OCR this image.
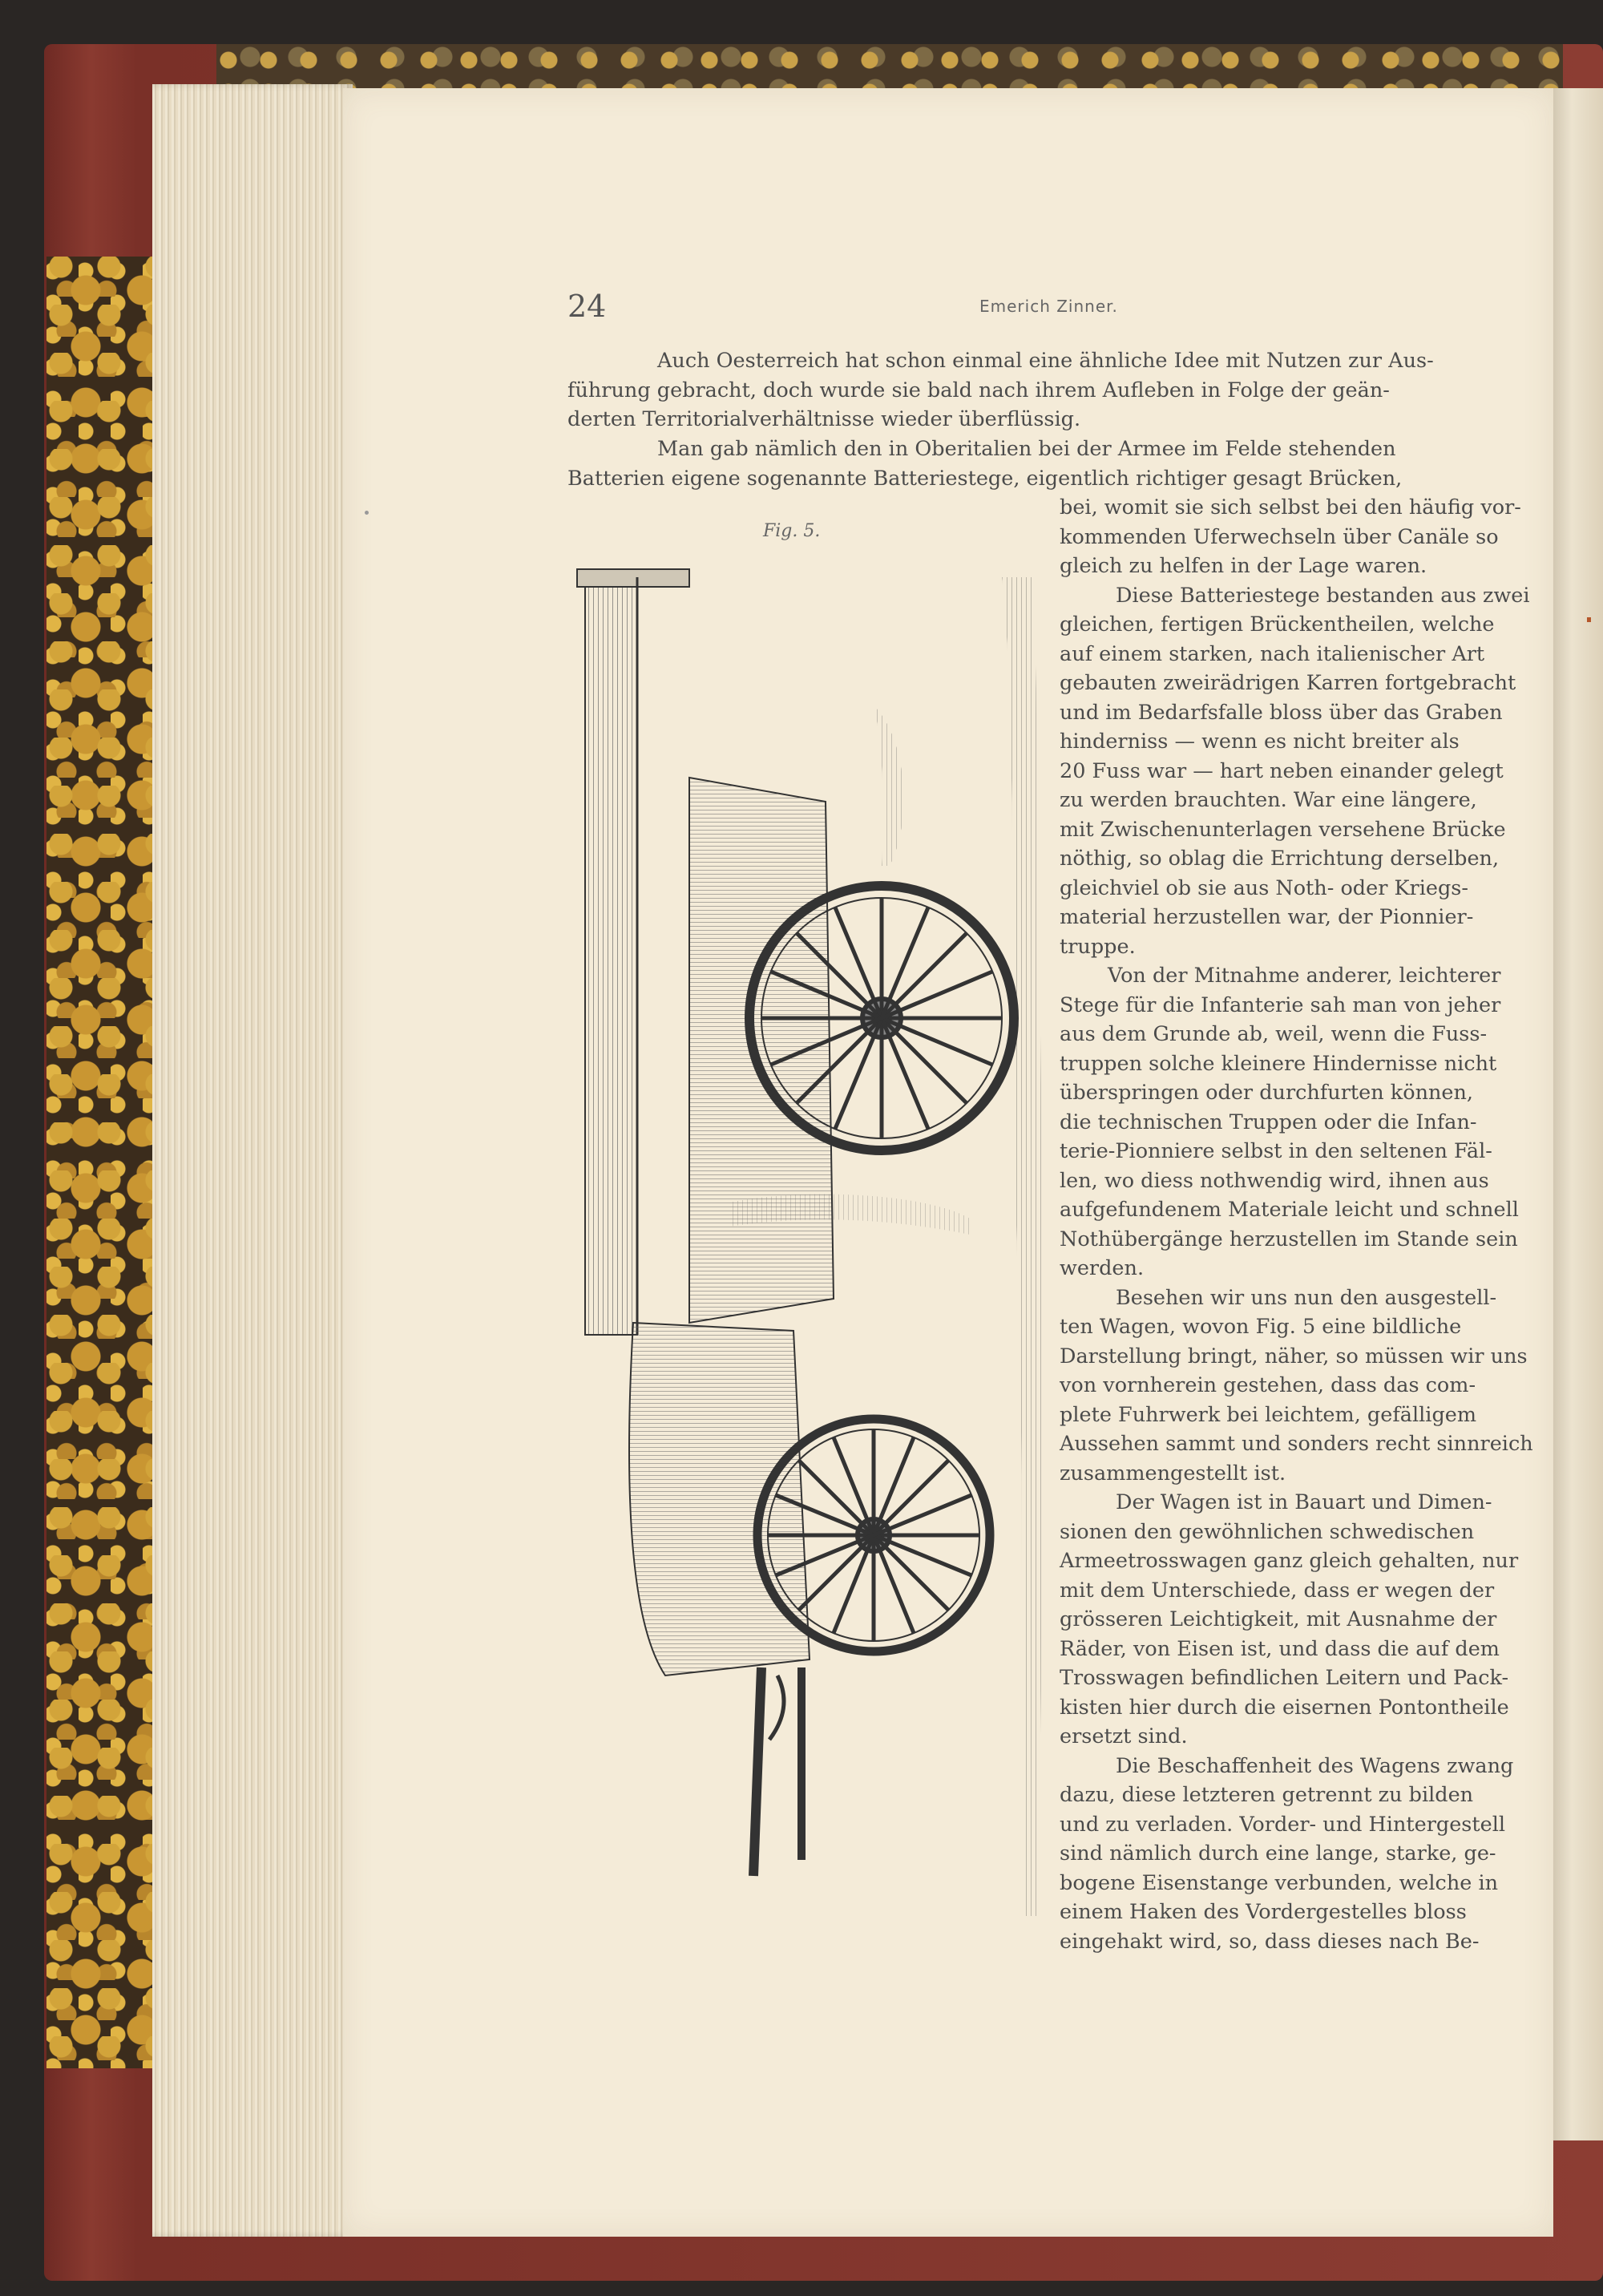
24	Emerich Zinner.

Auch Oesterreich hat schon einmal eine ähnliche Idee mit Nutzen zur Aus-
führung gebracht, doch wurde sie bald nach ihrem Aufleben in Folge der geän-
derten Territorialverhältnisse wieder überflüssig.

Man gab nämlich den in Oberitalien bei der Armee im Felde stehenden
Batterien eigene sogenannte Batteriestege, eigentlich richtiger gesagt Brücken,

Fig. 5.

bei, womit sie sich selbst bei den häufig vor-
kommenden Uferwechseln über Canäle so
gleich zu helfen in der Lage waren.
Diese Batteriestege bestanden aus zwei
gleichen, fertigen Brückentheilen, welche
auf einem starken, nach italienischer Art
gebauten zweirädrigen Karren fortgebracht
und im Bedarfsfalle bloss über das Graben
hinderniss — wenn es nicht breiter als
20 Fuss war — hart neben einander gelegt
zu werden brauchten. War eine längere,
mit Zwischenunterlagen versehene Brücke
nöthig, so oblag die Errichtung derselben,
gleichviel ob sie aus Noth- oder Kriegs-
material herzustellen war, der Pionnier-
truppe.
Von der Mitnahme anderer, leichterer
Stege für die Infanterie sah man von jeher
aus dem Grunde ab, weil, wenn die Fuss-
truppen solche kleinere Hindernisse nicht
überspringen oder durchfurten können,
die technischen Truppen oder die Infan-
terie-Pionniere selbst in den seltenen Fäl-
len, wo diess nothwendig wird, ihnen aus
aufgefundenem Materiale leicht und schnell
Nothübergänge herzustellen im Stande sein
werden.
Besehen wir uns nun den ausgestell-
ten Wagen, wovon Fig. 5 eine bildliche
Darstellung bringt, näher, so müssen wir uns
von vornherein gestehen, dass das com-
plete Fuhrwerk bei leichtem, gefälligem
Aussehen sammt und sonders recht sinnreich
zusammengestellt ist.
Der Wagen ist in Bauart und Dimen-
sionen den gewöhnlichen schwedischen
Armeetrosswagen ganz gleich gehalten, nur
mit dem Unterschiede, dass er wegen der
grösseren Leichtigkeit, mit Ausnahme der
Räder, von Eisen ist, und dass die auf dem
Trosswagen befindlichen Leitern und Pack-
kisten hier durch die eisernen Pontontheile
ersetzt sind.
Die Beschaffenheit des Wagens zwang
dazu, diese letzteren getrennt zu bilden
und zu verladen. Vorder- und Hintergestell
sind nämlich durch eine lange, starke, ge-
bogene Eisenstange verbunden, welche in
einem Haken des Vordergestelles bloss
eingehakt wird, so, dass dieses nach Be-
